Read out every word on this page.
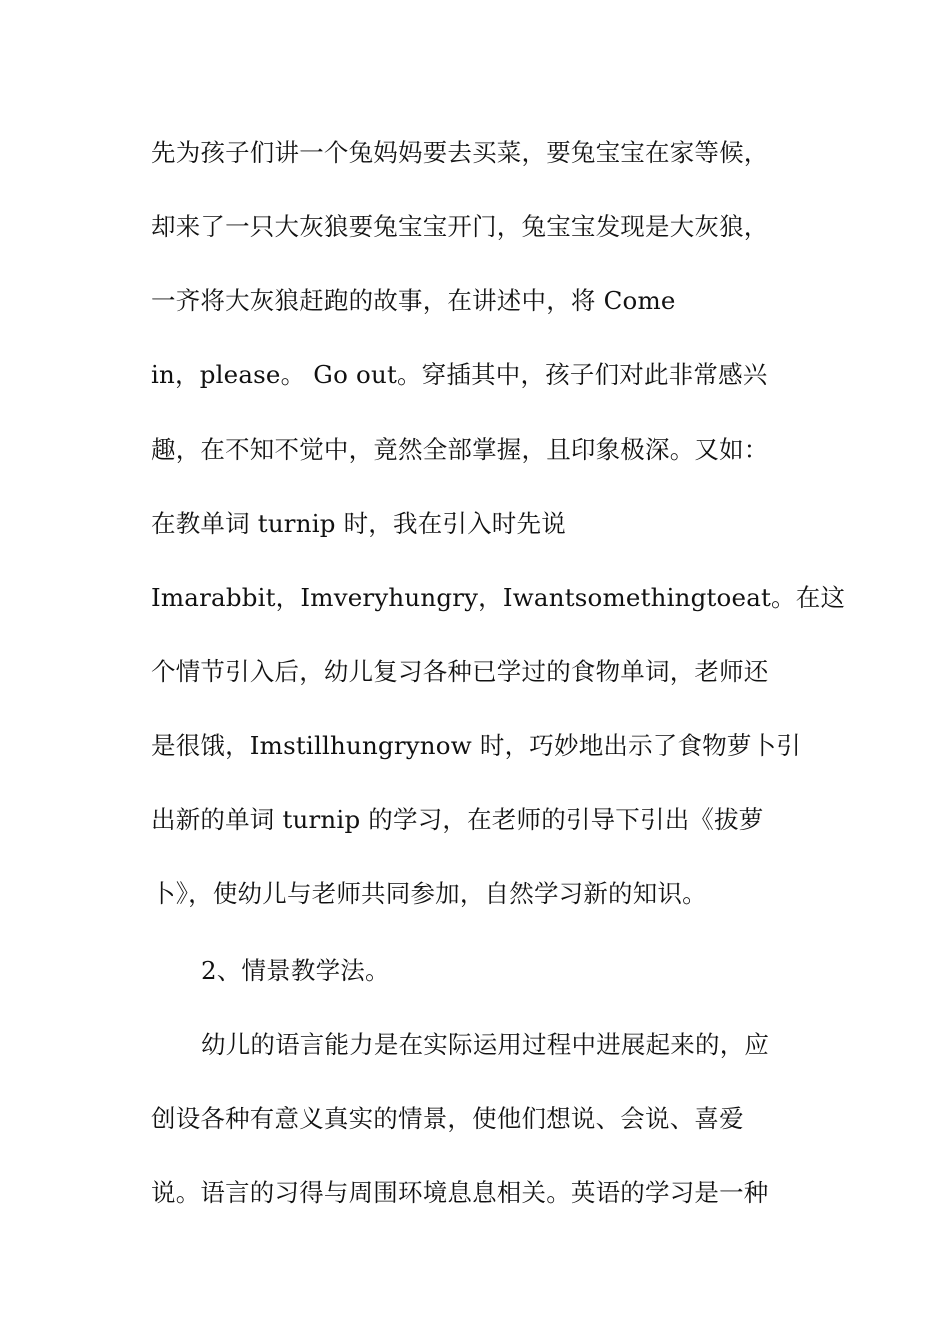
先为孩子们讲一个兔妈妈要去买菜，要兔宝宝在家等候，
却来了一只大灰狼要兔宝宝开门，兔宝宝发现是大灰狼，
一齐将大灰狼赶跑的故事，在讲述中，将 Come
in，please。 Go out。穿插其中，孩子们对此非常感兴
趣，在不知不觉中，竟然全部掌握，且印象极深。又如：
在教单词 turnip 时，我在引入时先说
Imarabbit，Imveryhungry，Iwantsomethingtoeat。在这
个情节引入后，幼儿复习各种已学过的食物单词，老师还
是很饿，Imstillhungrynow 时，巧妙地出示了食物萝卜引
出新的单词 turnip 的学习，在老师的引导下引出《拔萝
卜》，使幼儿与老师共同参加，自然学习新的知识。
2、情景教学法。
幼儿的语言能力是在实际运用过程中进展起来的，应
创设各种有意义真实的情景，使他们想说、会说、喜爱
说。语言的习得与周围环境息息相关。英语的学习是一种
